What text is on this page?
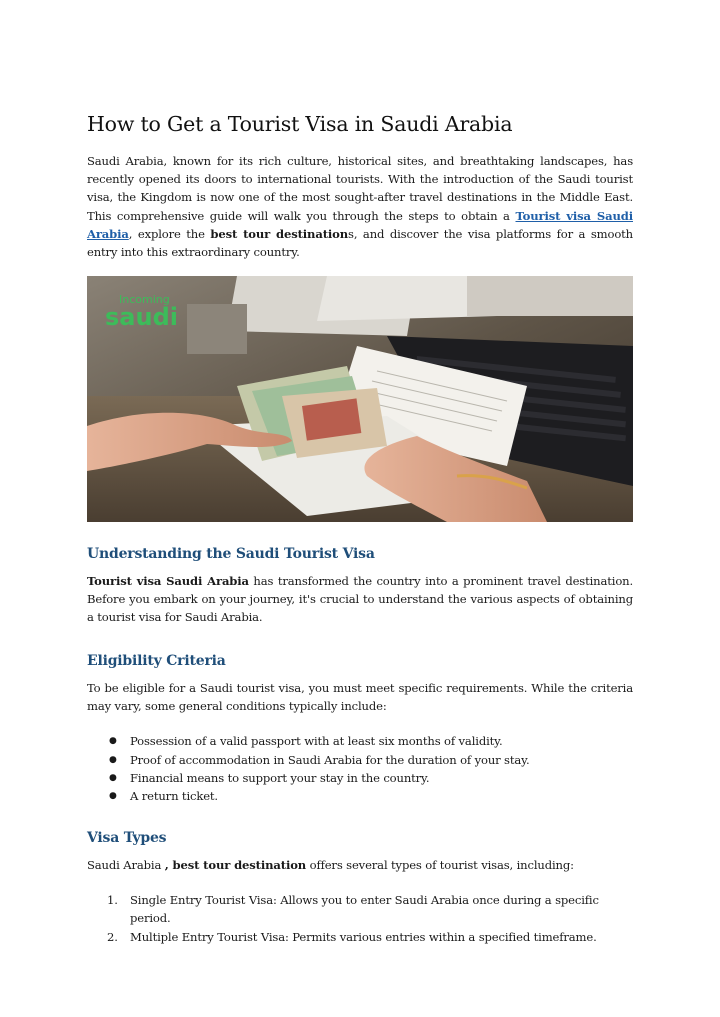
How to Get a Tourist Visa in Saudi Arabia

Saudi Arabia, known for its rich culture, historical sites, and breathtaking landscapes, has recently opened its doors to international tourists. With the introduction of the Saudi tourist visa, the Kingdom is now one of the most sought-after travel destinations in the Middle East. This comprehensive guide will walk you through the steps to obtain a Tourist visa Saudi Arabia, explore the best tour destinations, and discover the visa platforms for a smooth entry into this extraordinary country.

Incoming
saudi
Understanding the Saudi Tourist Visa

Tourist visa Saudi Arabia has transformed the country into a prominent travel destination. Before you embark on your journey, it's crucial to understand the various aspects of obtaining a tourist visa for Saudi Arabia.

Eligibility Criteria

To be eligible for a Saudi tourist visa, you must meet specific requirements. While the criteria may vary, some general conditions typically include:

● Possession of a valid passport with at least six months of validity.
● Proof of accommodation in Saudi Arabia for the duration of your stay.
● Financial means to support your stay in the country.
● A return ticket.
Visa Types

Saudi Arabia , best tour destination offers several types of tourist visas, including:

1. Single Entry Tourist Visa: Allows you to enter Saudi Arabia once during a specific period.
2. Multiple Entry Tourist Visa: Permits various entries within a specified timeframe.
